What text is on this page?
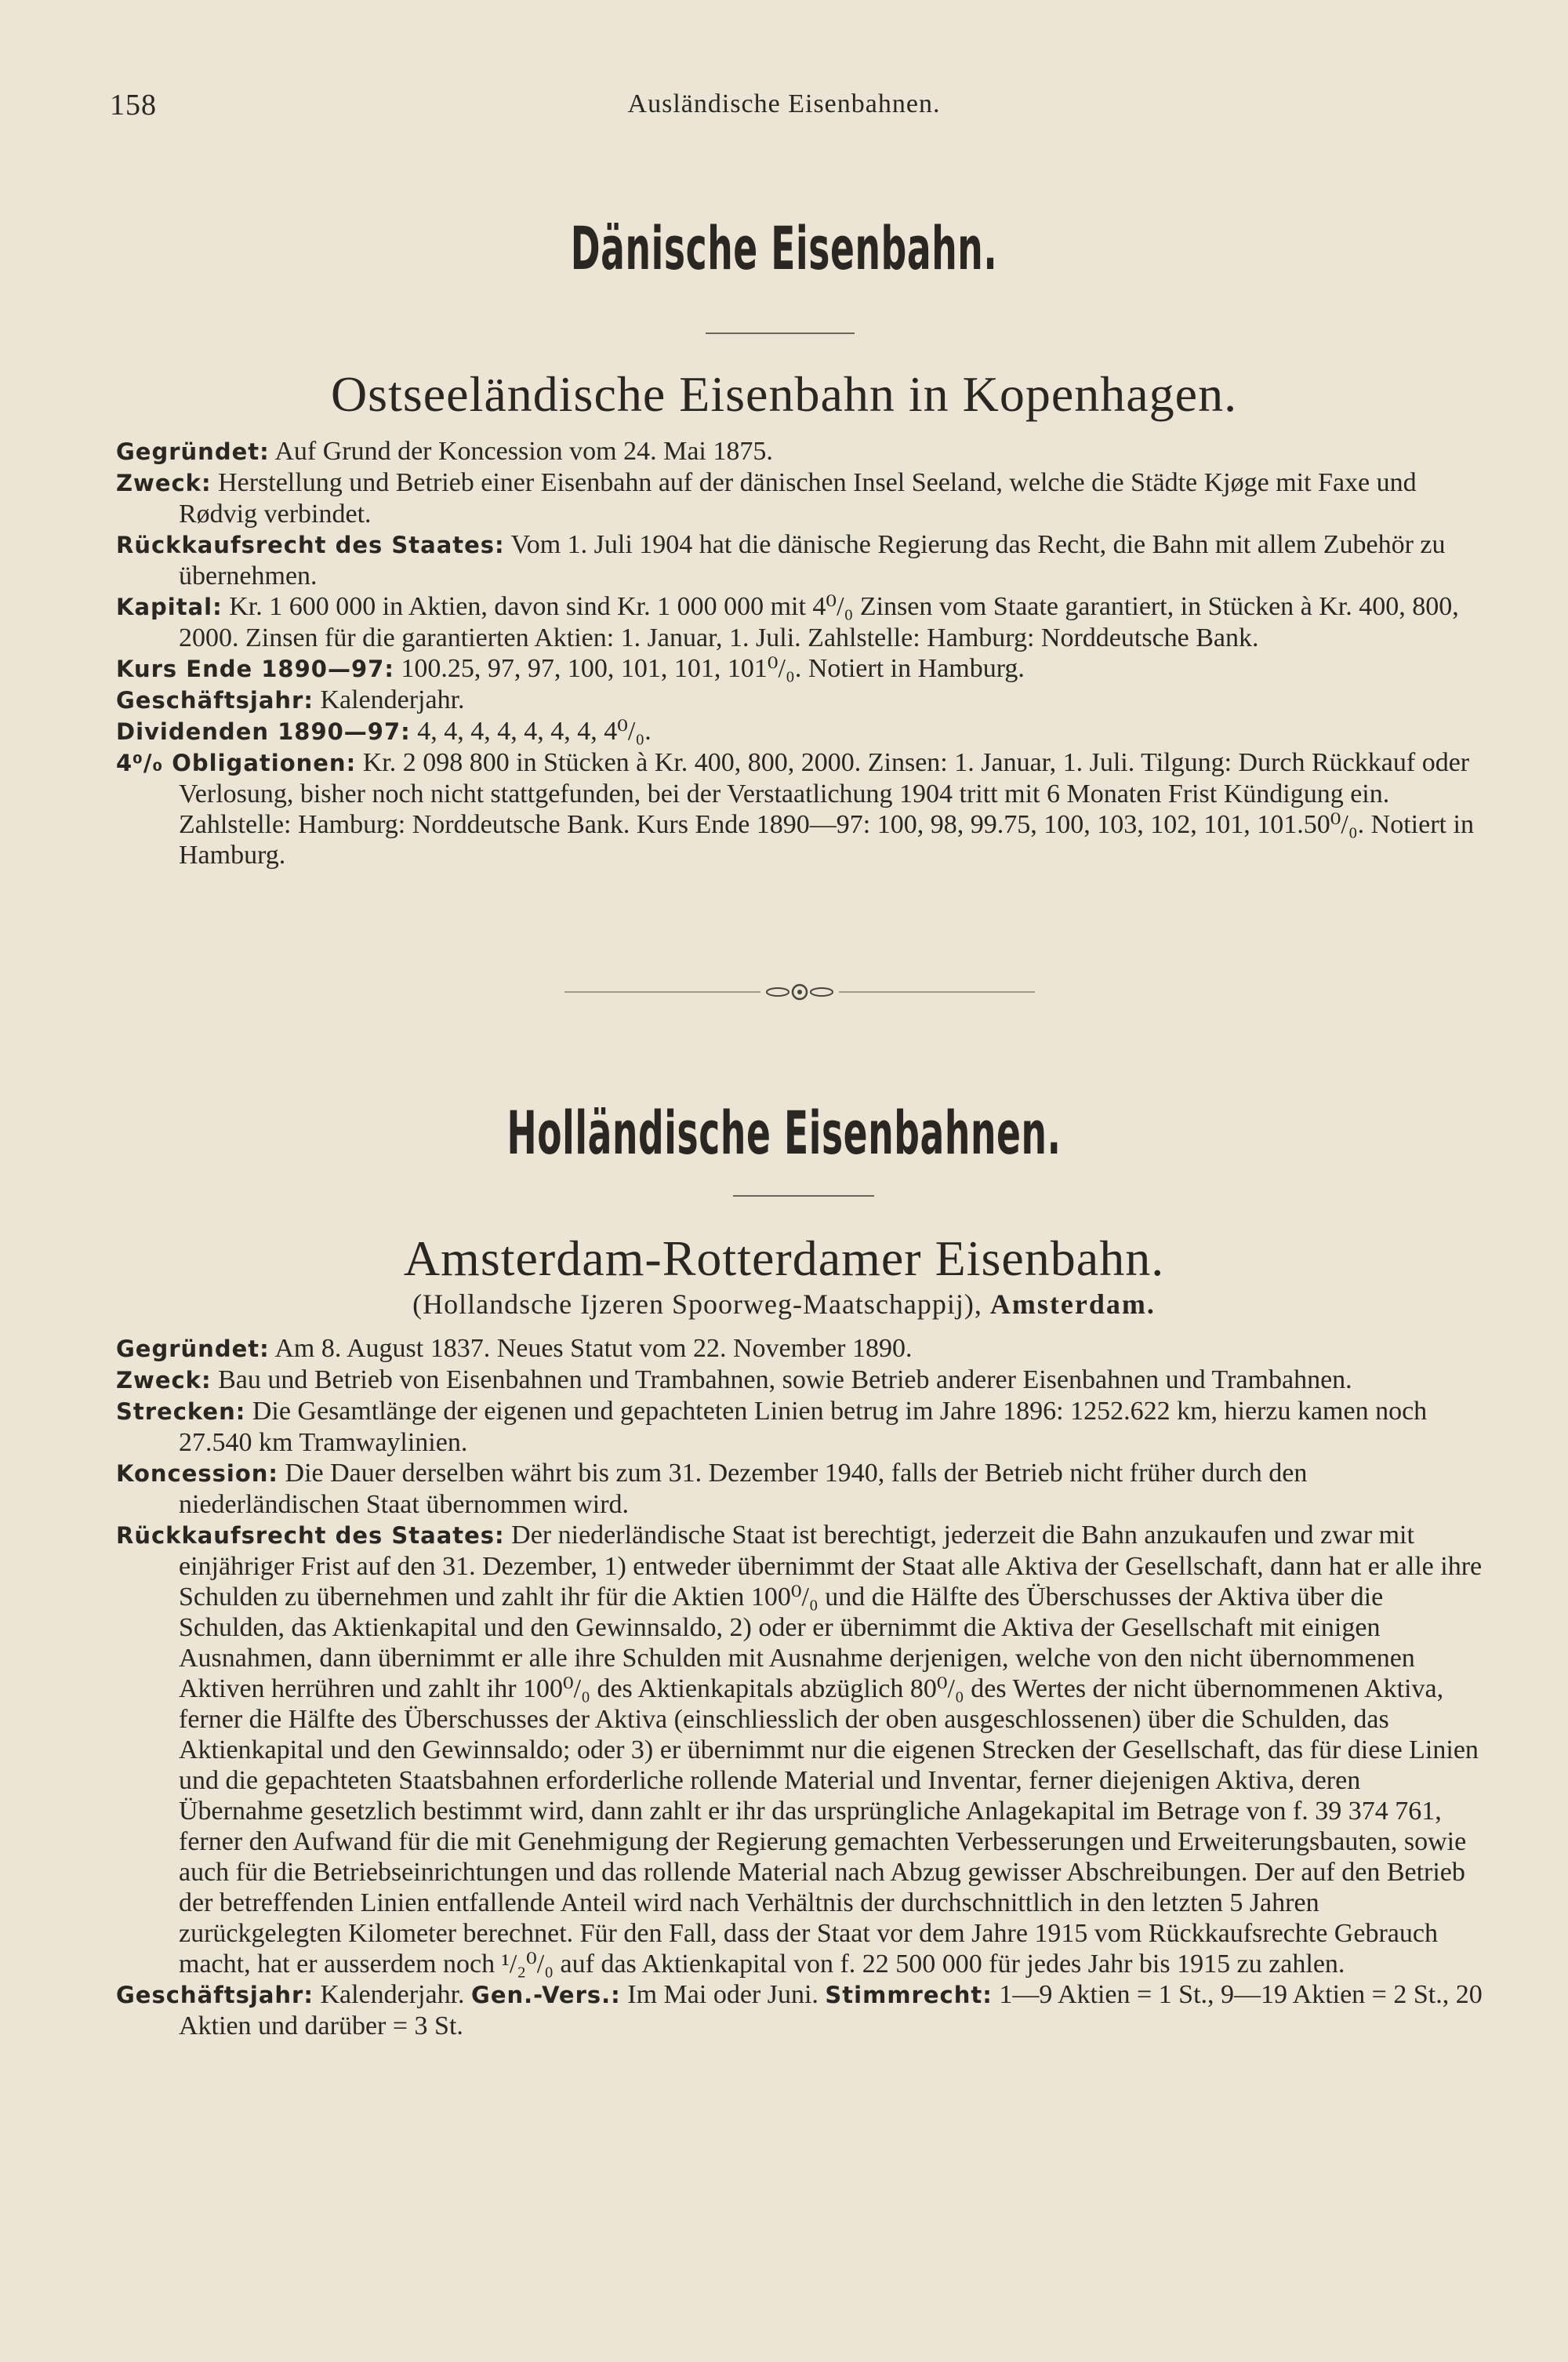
158	Ausländische Eisenbahnen.
Dänische Eisenbahn.
Ostseeländische Eisenbahn in Kopenhagen.

Gegründet: Auf Grund der Koncession vom 24. Mai 1875.

Zweck: Herstellung und Betrieb einer Eisenbahn auf der dänischen Insel Seeland, welche die Städte Kjøge mit Faxe und Rødvig verbindet.

Rückkaufsrecht des Staates: Vom 1. Juli 1904 hat die dänische Regierung das Recht, die Bahn mit allem Zubehör zu übernehmen.

Kapital: Kr. 1 600 000 in Aktien, davon sind Kr. 1 000 000 mit 4⁰/₀ Zinsen vom Staate garantiert, in Stücken à Kr. 400, 800, 2000. Zinsen für die garantierten Aktien: 1. Januar, 1. Juli. Zahlstelle: Hamburg: Norddeutsche Bank.

Kurs Ende 1890—97: 100.25, 97, 97, 100, 101, 101, 101⁰/₀. Notiert in Hamburg.

Geschäftsjahr: Kalenderjahr.

Dividenden 1890—97: 4, 4, 4, 4, 4, 4, 4, 4⁰/₀.

4⁰/₀ Obligationen: Kr. 2 098 800 in Stücken à Kr. 400, 800, 2000. Zinsen: 1. Januar, 1. Juli. Tilgung: Durch Rückkauf oder Verlosung, bisher noch nicht stattgefunden, bei der Verstaatlichung 1904 tritt mit 6 Monaten Frist Kündigung ein. Zahlstelle: Hamburg: Norddeutsche Bank. Kurs Ende 1890—97: 100, 98, 99.75, 100, 103, 102, 101, 101.50⁰/₀. Notiert in Hamburg.

Holländische Eisenbahnen.
Amsterdam-Rotterdamer Eisenbahn.
(Hollandsche Ijzeren Spoorweg-Maatschappij), Amsterdam.

Gegründet: Am 8. August 1837. Neues Statut vom 22. November 1890.

Zweck: Bau und Betrieb von Eisenbahnen und Trambahnen, sowie Betrieb anderer Eisenbahnen und Trambahnen.

Strecken: Die Gesamtlänge der eigenen und gepachteten Linien betrug im Jahre 1896: 1252.622 km, hierzu kamen noch 27.540 km Tramwaylinien.

Koncession: Die Dauer derselben währt bis zum 31. Dezember 1940, falls der Betrieb nicht früher durch den niederländischen Staat übernommen wird.

Rückkaufsrecht des Staates: Der niederländische Staat ist berechtigt, jederzeit die Bahn anzukaufen und zwar mit einjähriger Frist auf den 31. Dezember, 1) entweder übernimmt der Staat alle Aktiva der Gesellschaft, dann hat er alle ihre Schulden zu übernehmen und zahlt ihr für die Aktien 100⁰/₀ und die Hälfte des Überschusses der Aktiva über die Schulden, das Aktienkapital und den Gewinnsaldo, 2) oder er übernimmt die Aktiva der Gesellschaft mit einigen Ausnahmen, dann übernimmt er alle ihre Schulden mit Ausnahme derjenigen, welche von den nicht übernommenen Aktiven herrühren und zahlt ihr 100⁰/₀ des Aktienkapitals abzüglich 80⁰/₀ des Wertes der nicht übernommenen Aktiva, ferner die Hälfte des Überschusses der Aktiva (einschliesslich der oben ausgeschlossenen) über die Schulden, das Aktienkapital und den Gewinnsaldo; oder 3) er übernimmt nur die eigenen Strecken der Gesellschaft, das für diese Linien und die gepachteten Staatsbahnen erforderliche rollende Material und Inventar, ferner diejenigen Aktiva, deren Übernahme gesetzlich bestimmt wird, dann zahlt er ihr das ursprüngliche Anlagekapital im Betrage von f. 39 374 761, ferner den Aufwand für die mit Genehmigung der Regierung gemachten Verbesserungen und Erweiterungsbauten, sowie auch für die Betriebseinrichtungen und das rollende Material nach Abzug gewisser Abschreibungen. Der auf den Betrieb der betreffenden Linien entfallende Anteil wird nach Verhältnis der durchschnittlich in den letzten 5 Jahren zurückgelegten Kilometer berechnet. Für den Fall, dass der Staat vor dem Jahre 1915 vom Rückkaufsrechte Gebrauch macht, hat er ausserdem noch ¹/₂⁰/₀ auf das Aktienkapital von f. 22 500 000 für jedes Jahr bis 1915 zu zahlen.

Geschäftsjahr: Kalenderjahr. Gen.-Vers.: Im Mai oder Juni. Stimmrecht: 1—9 Aktien = 1 St., 9—19 Aktien = 2 St., 20 Aktien und darüber = 3 St.
